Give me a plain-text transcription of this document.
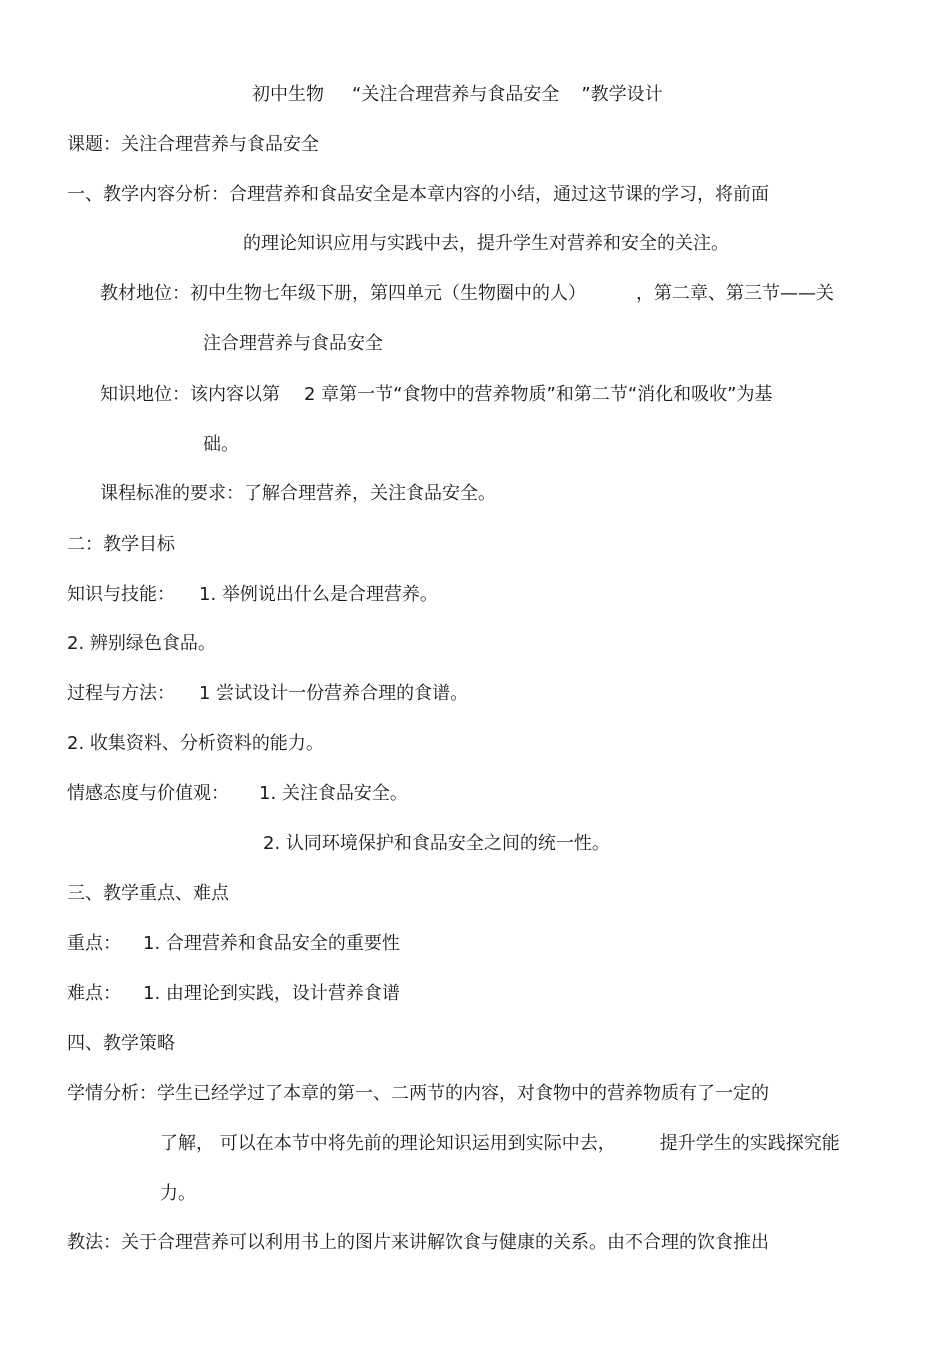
初中生物 “关注合理营养与食品安全 ”教学设计
课题：关注合理营养与食品安全
一、教学内容分析：合理营养和食品安全是本章内容的小结，通过这节课的学习，将前面
的理论知识应用与实践中去，提升学生对营养和安全的关注。
教材地位：初中生物七年级下册，第四单元（生物圈中的人）	，第二章、第三节——关
注合理营养与食品安全
知识地位：该内容以第 2 章第一节“食物中的营养物质”和第二节“消化和吸收”为基
础。
课程标准的要求：了解合理营养，关注食品安全。
二：教学目标
知识与技能： 1. 举例说出什么是合理营养。
2. 辨别绿色食品。
过程与方法： 1 尝试设计一份营养合理的食谱。
2. 收集资料、分析资料的能力。
情感态度与价值观： 1. 关注食品安全。
2. 认同环境保护和食品安全之间的统一性。
三、教学重点、难点
重点： 1. 合理营养和食品安全的重要性
难点： 1. 由理论到实践，设计营养食谱
四、教学策略
学情分析：学生已经学过了本章的第一、二两节的内容，对食物中的营养物质有了一定的
了解， 可以在本节中将先前的理论知识运用到实际中去， 提升学生的实践探究能
力。
教法：关于合理营养可以利用书上的图片来讲解饮食与健康的关系。由不合理的饮食推出
